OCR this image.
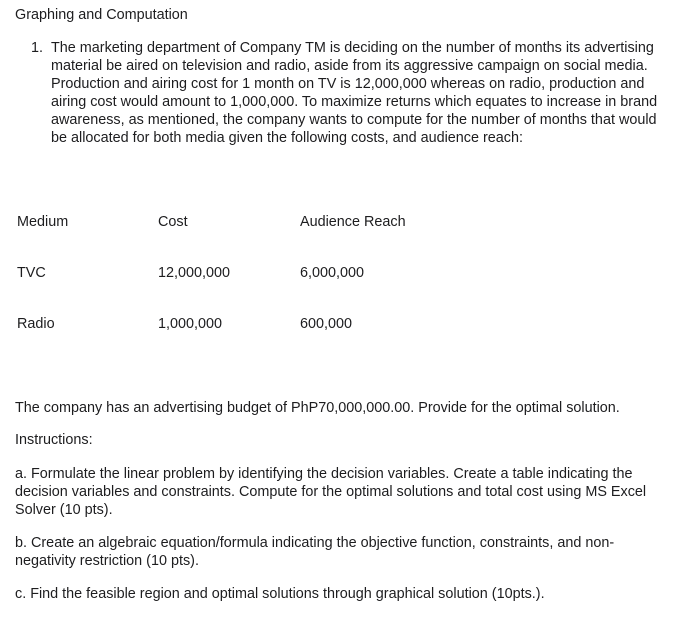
Graphing and Computation
1. The marketing department of Company TM is deciding on the number of months its advertising
material be aired on television and radio, aside from its aggressive campaign on social media.
Production and airing cost for 1 month on TV is 12,000,000 whereas on radio, production and
airing cost would amount to 1,000,000. To maximize returns which equates to increase in brand
awareness, as mentioned, the company wants to compute for the number of months that would
be allocated for both media given the following costs, and audience reach:
Medium	Cost	Audience Reach
TVC	12,000,000	6,000,000
Radio	1,000,000	600,000
The company has an advertising budget of PhP70,000,000.00. Provide for the optimal solution.
Instructions:
a. Formulate the linear problem by identifying the decision variables. Create a table indicating the
decision variables and constraints. Compute for the optimal solutions and total cost using MS Excel
Solver (10 pts).
b. Create an algebraic equation/formula indicating the objective function, constraints, and non-
negativity restriction (10 pts).
c. Find the feasible region and optimal solutions through graphical solution (10pts.).
